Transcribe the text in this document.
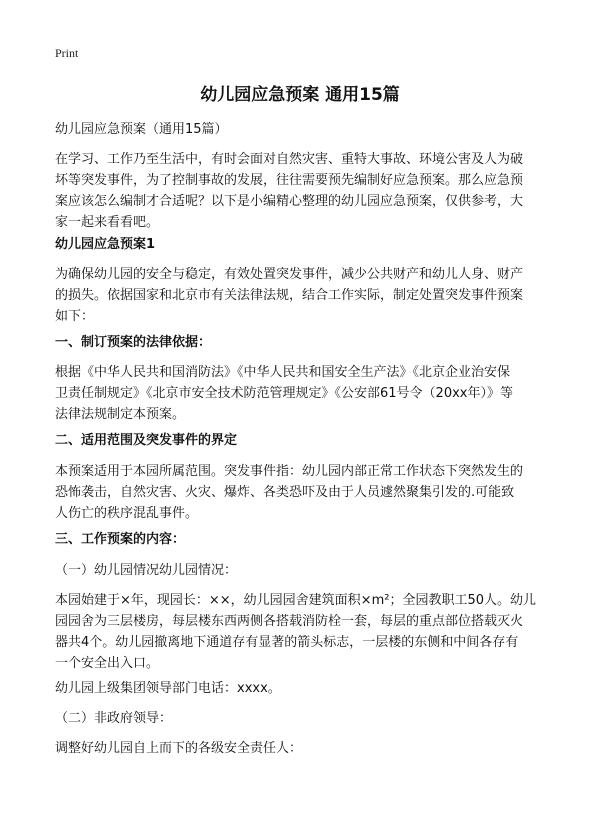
Print
幼儿园应急预案 通用15篇

幼儿园应急预案（通用15篇）

在学习、工作乃至生活中，有时会面对自然灾害、重特大事故、环境公害及人为破

坏等突发事件，为了控制事故的发展，往往需要预先编制好应急预案。那么应急预

案应该怎么编制才合适呢？以下是小编精心整理的幼儿园应急预案，仅供参考，大

家一起来看看吧。

幼儿园应急预案1

为确保幼儿园的安全与稳定，有效处置突发事件，减少公共财产和幼儿人身、财产

的损失。依据国家和北京市有关法律法规，结合工作实际，制定处置突发事件预案

如下：

一、制订预案的法律依据：

根据《中华人民共和国消防法》《中华人民共和国安全生产法》《北京企业治安保

卫责任制规定》《北京市安全技术防范管理规定》《公安部61号令（20xx年）》等

法律法规制定本预案。

二、适用范围及突发事件的界定

本预案适用于本园所属范围。突发事件指：幼儿园内部正常工作状态下突然发生的

恐怖袭击，自然灾害、火灾、爆炸、各类恐吓及由于人员遽然聚集引发的.可能致

人伤亡的秩序混乱事件。

三、工作预案的内容：

（一）幼儿园情况幼儿园情况：

本园始建于×年，现园长：××，幼儿园园舍建筑面积×m²；全园教职工50人。幼儿

园园舍为三层楼房，每层楼东西两侧各搭载消防栓一套，每层的重点部位搭载灭火

器共4个。幼儿园撤离地下通道存有显著的箭头标志，一层楼的东侧和中间各存有

一个安全出入口。

幼儿园上级集团领导部门电话：xxxx。

（二）非政府领导：

调整好幼儿园自上而下的各级安全责任人：
